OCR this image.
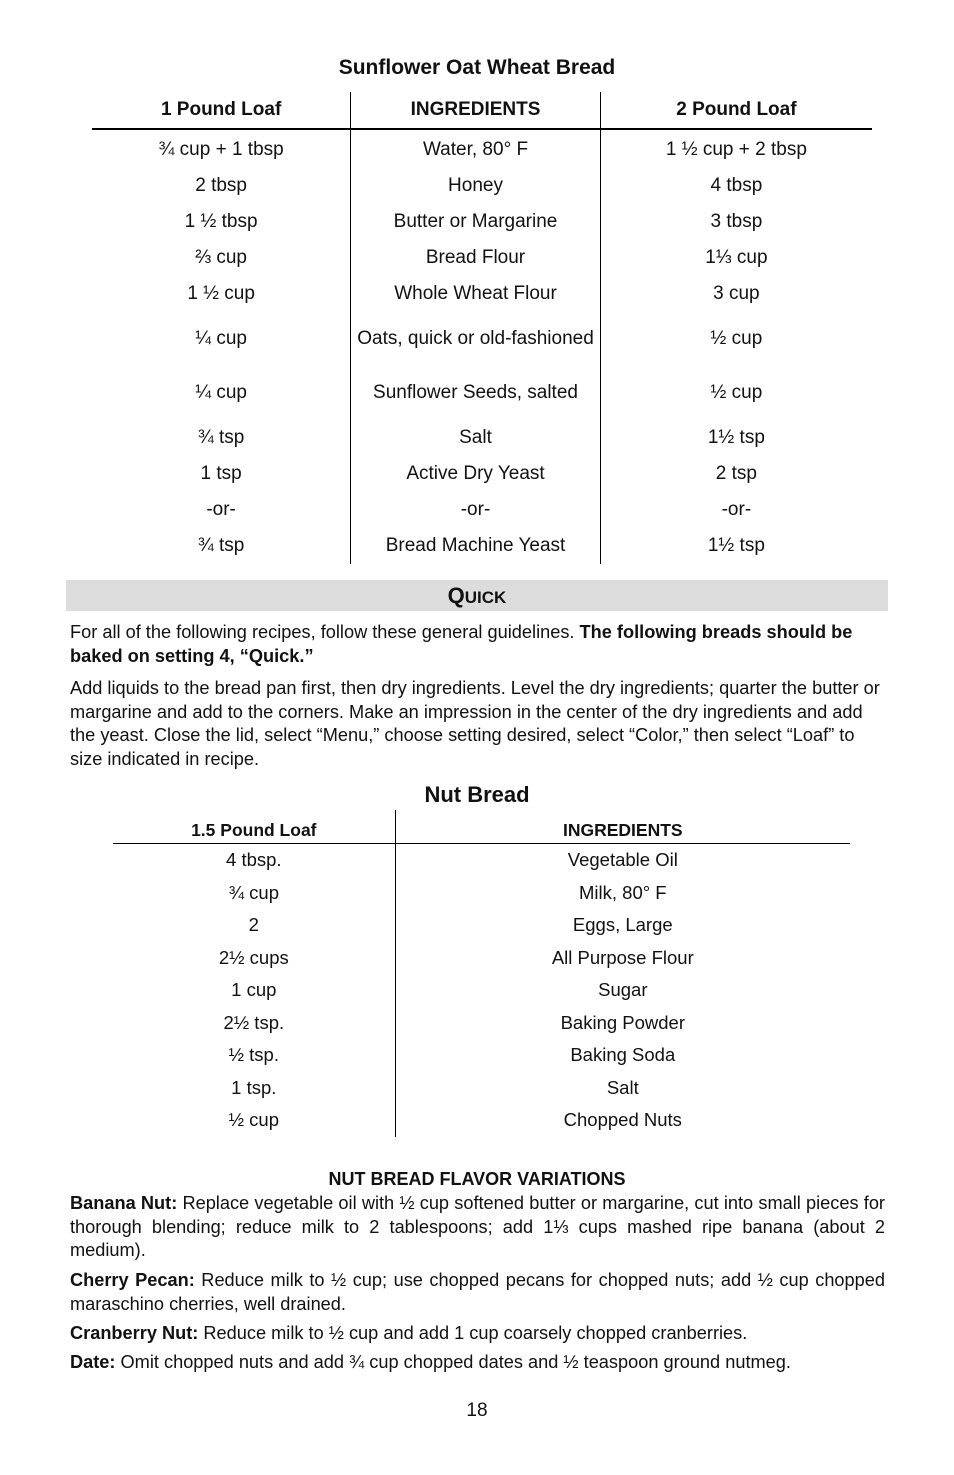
Sunflower Oat Wheat Bread
1 Pound Loaf	INGREDIENTS	2 Pound Loaf
¾ cup + 1 tbsp	Water, 80° F	1 ½ cup + 2 tbsp
2 tbsp	Honey	4 tbsp
1 ½ tbsp	Butter or Margarine	3 tbsp
⅔ cup	Bread Flour	1⅓ cup
1 ½ cup	Whole Wheat Flour	3 cup
¼ cup	Oats, quick or old-fashioned	½ cup
¼ cup	Sunflower Seeds, salted	½ cup
¾ tsp	Salt	1½ tsp
1 tsp	Active Dry Yeast	2 tsp
-or-	-or-	-or-
¾ tsp	Bread Machine Yeast	1½ tsp
QUICK
For all of the following recipes, follow these general guidelines. The following breads should be baked on setting 4, “Quick.”
Add liquids to the bread pan first, then dry ingredients. Level the dry ingredients; quarter the butter or margarine and add to the corners. Make an impression in the center of the dry ingredients and add the yeast. Close the lid, select “Menu,” choose setting desired, select “Color,” then select “Loaf” to size indicated in recipe.
Nut Bread
1.5 Pound Loaf	INGREDIENTS
4 tbsp.	Vegetable Oil
¾ cup	Milk, 80° F
2	Eggs, Large
2½ cups	All Purpose Flour
1 cup	Sugar
2½ tsp.	Baking Powder
½ tsp.	Baking Soda
1 tsp.	Salt
½ cup	Chopped Nuts
NUT BREAD FLAVOR VARIATIONS
Banana Nut: Replace vegetable oil with ½ cup softened butter or margarine, cut into small pieces for thorough blending; reduce milk to 2 tablespoons; add 1⅓ cups mashed ripe banana (about 2 medium).
Cherry Pecan: Reduce milk to ½ cup; use chopped pecans for chopped nuts; add ½ cup chopped maraschino cherries, well drained.
Cranberry Nut: Reduce milk to ½ cup and add 1 cup coarsely chopped cranberries.
Date: Omit chopped nuts and add ¾ cup chopped dates and ½ teaspoon ground nutmeg.
18
